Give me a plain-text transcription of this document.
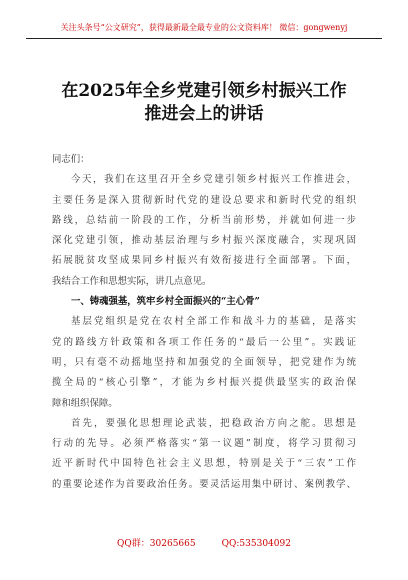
关注头条号“公文研究”，获得最新最全最专业的公文资料库！ 微信：gongwenyj
在2025年全乡党建引领乡村振兴工作
推进会上的讲话
同志们：
今天，我们在这里召开全乡党建引领乡村振兴工作推进会，
主要任务是深入贯彻新时代党的建设总要求和新时代党的组织
路线，总结前一阶段的工作，分析当前形势，并就如何进一步
深化党建引领，推动基层治理与乡村振兴深度融合，实现巩固
拓展脱贫攻坚成果同乡村振兴有效衔接进行全面部署。下面，
我结合工作和思想实际，讲几点意见。
一、铸魂强基，筑牢乡村全面振兴的“主心骨”
基层党组织是党在农村全部工作和战斗力的基础，是落实
党的路线方针政策和各项工作任务的“最后一公里”。实践证
明，只有毫不动摇地坚持和加强党的全面领导，把党建作为统
揽全局的“核心引擎”，才能为乡村振兴提供最坚实的政治保
障和组织保障。
首先，要强化思想理论武装，把稳政治方向之舵。思想是
行动的先导。必须严格落实“第一议题”制度，将学习贯彻习
近平新时代中国特色社会主义思想，特别是关于“三农”工作
的重要论述作为首要政治任务。要灵活运用集中研讨、案例教学、
QQ群：30265665	QQ:535304092
